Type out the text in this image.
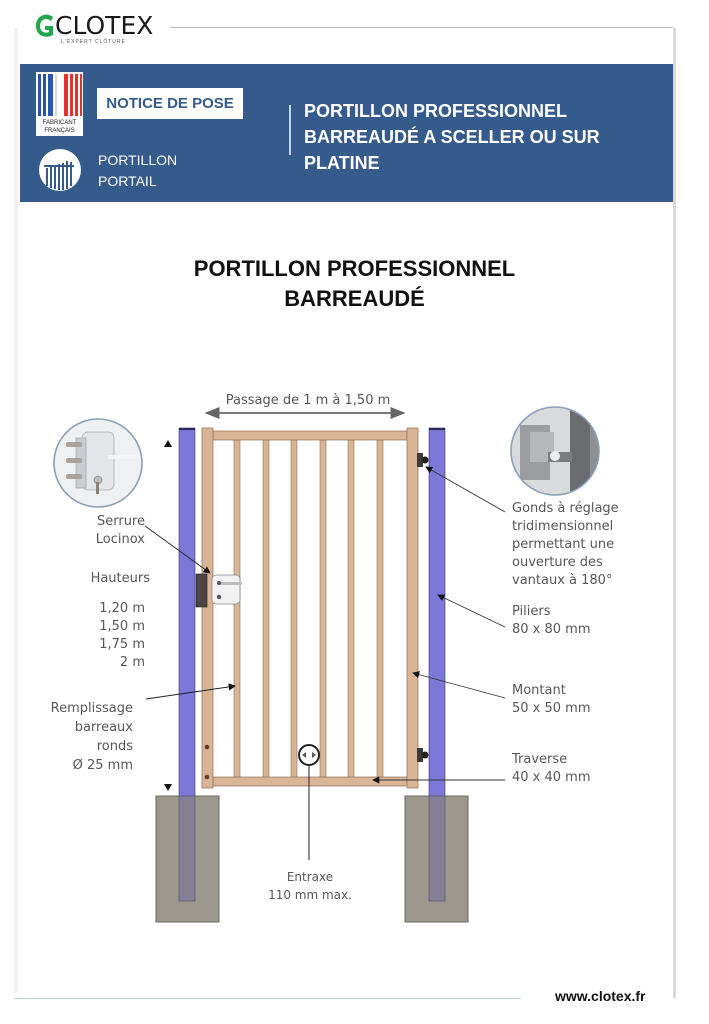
CLOTEX
L'EXPERT CLÔTURE
FABRICANT
FRANÇAIS
NOTICE DE POSE
PORTILLON
PORTAIL
PORTILLON PROFESSIONNEL
BARREAUDÉ A SCELLER OU SUR
PLATINE
PORTILLON PROFESSIONNEL
BARREAUDÉ
Passage de 1 m à 1,50 m
Serrure
Locinox
Hauteurs
1,20 m
1,50 m
1,75 m
2 m
Remplissage
barreaux
ronds
Ø 25 mm
Gonds à réglage
tridimensionnel
permettant une
ouverture des
vantaux à 180°
Piliers
80 x 80 mm
Montant
50 x 50 mm
Traverse
40 x 40 mm
Entraxe
110 mm max.
www.clotex.fr
